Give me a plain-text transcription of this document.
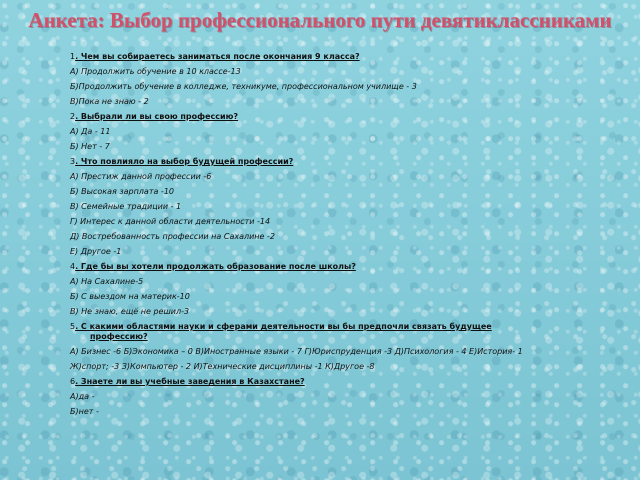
Анкета: Выбор профессионального пути девятиклассниками

1. Чем вы собираетесь заниматься после окончания 9 класса?

А) Продолжить обучение в 10 классе-13

Б)Продолжить обучение в колледже, техникуме, профессиональном училище - 3

В)Пока не знаю - 2

2. Выбрали ли вы свою профессию?

А) Да - 11

Б) Нет - 7

3. Что повлияло на выбор будущей профессии?

А) Престиж данной профессии -6

Б) Высокая зарплата -10

В) Семейные традиции - 1

Г) Интерес к данной области деятельности -14

Д) Востребованность профессии на Сахалине -2

Е) Другое -1

4. Где бы вы хотели продолжать образование после школы?

А) На Сахалине-5

Б) С выездом на материк-10

В) Не знаю, ещё не решил-3

5. С какими областями науки и сферами деятельности вы бы предпочли связать будущее
профессию?

А) Бизнес -6 Б)Экономика – 0 В)Иностранные языки - 7 Г)Юриспруденция -3 Д)Психология - 4 Е)История- 1

Ж)спорт; -3 З)Компьютер - 2 И)Технические дисциплины -1 К)Другое -8

6. Знаете ли вы учебные заведения в Казахстане?

А)да -

Б)нет -
